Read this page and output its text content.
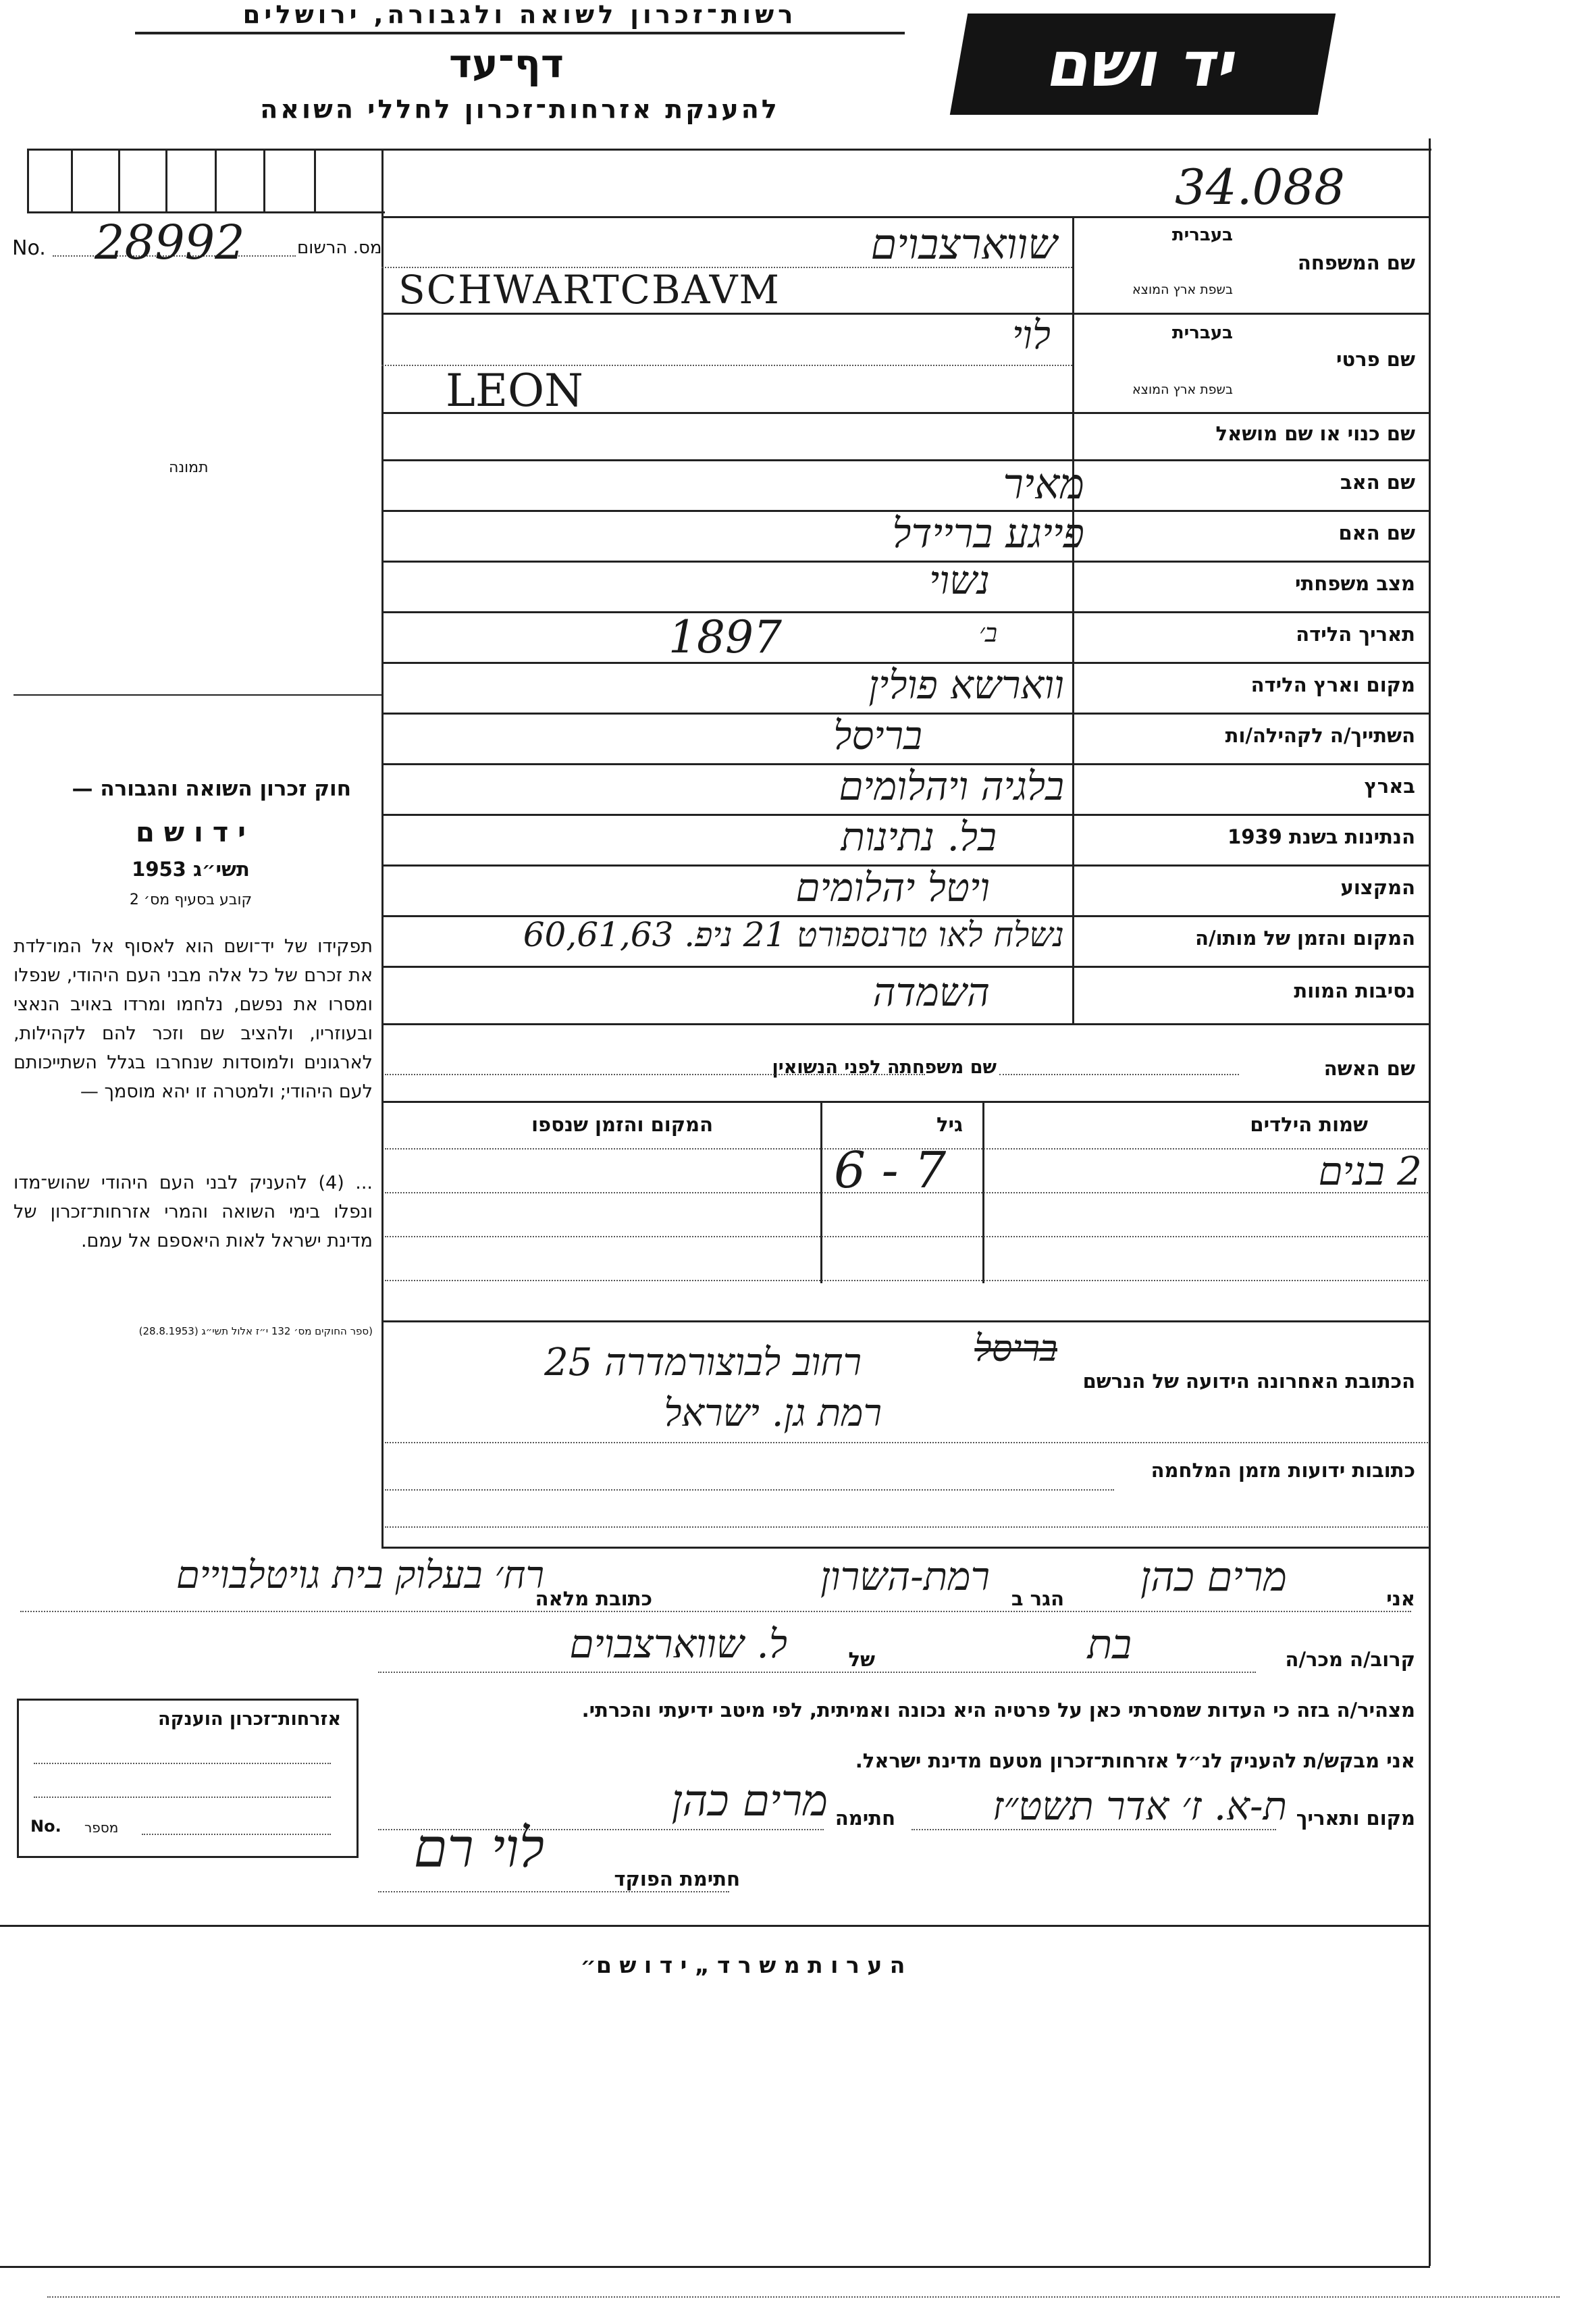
רשות־זכרון לשואה ולגבורה, ירושלים
דף־עד
להענקת אזרחות־זכרון לחללי השואה
יד ושם
34.088
No. 28992	מס. הרשום
תמונה
שם המשפחה
בעברית
בשפת ארץ המוצא
שווארצבוים
SCHWARTCBAVM
שם פרטי
בעברית
בשפת ארץ המוצא
לוי
LEON
שם כנוי או שם מושאל
שם האב
מאיר
שם האם
פייגע בריידל
מצב משפחתי
נשוי
תאריך הלידה
1897	ב׳
מקום וארץ הלידה
ווארשא פולין
השתייך/ה לקהילה/ות
בריסל
בארץ
בלגיה ויהלומים
הנתינות בשנת 1939
בל. נתינות
המקצוע
ויטל יהלומים
המקום והזמן של מותו/ה
נשלח לאו טרנספורט 21 ניפ. 60,61,63
נסיבות המוות
השמדה
שם האשה
שם משפחתה לפני הנשואין
שמות הילדים
גיל
המקום והזמן שנספו
2 בנים
6 - 7
הכתובת האחרונה הידועה של הנרשם
בריסל
רחוב לבוצורמדרה 25
רמת גן. ישראל
כתובות ידועות מזמן המלחמה
חוק זכרון השואה והגבורה —
י ד ו ש ם
תשי״ג 1953
קובע בסעיף מס׳ 2
תפקידו של יד־ושם הוא לאסוף אל המו־לדת את זכרם של כל אלה מבני העם היהודי, שנפלו ומסרו את נפשם, נלחמו ומרדו באויב הנאצי ובעוזריו, ולהציב שם וזכר להם לקהילות, לארגונים ולמוסדות שנחרבו בגלל השתייכותם לעם היהודי; ולמטרה זו יהא מוסמך —
... (4) להעניק לבני העם היהודי שהוש־מדו ונפלו בימי השואה והמרי אזרחות־זכרון של מדינת ישראל לאות היאספם אל עמם.
(ספר החוקים מס׳ 132 י״ז אלול תשי״ג (28.8.1953)
אני
מרים כהן
הגר ב
רמת-השרון
כתובת מלאה
רח׳ בעלוק בית גויטלבויים
קרוב/ה מכר/ה
בת
של
ל. שווארצבוים
מצהיר/ה בזה כי העדות שמסרתי כאן על פרטיה היא נכונה ואמיתית, לפי מיטב ידיעתי והכרתי.
אני מבקש/ת להעניק לנ״ל אזרחות־זכרון מטעם מדינת ישראל.
מקום ותאריך
ת-א. ז׳ אדר תשט״ז
חתימה
מרים כהן
חתימת הפוקד
לוי רם
אזרחות־זכרון הוענקה
No. מספר
ה ע ר ו ת מ ש ר ד „ י ד ו ש ם״
